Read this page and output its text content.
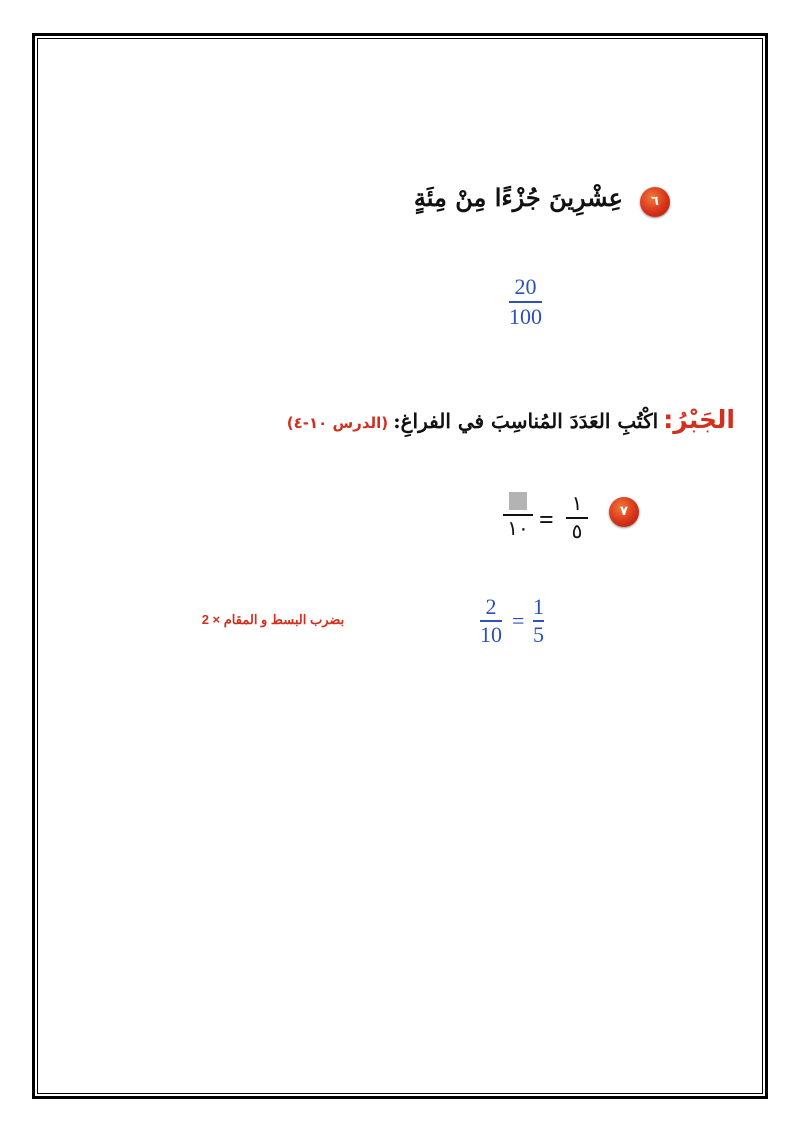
٦
عِشْرِينَ جُزْءًا مِنْ مِئَةٍ
20
100
الجَبْرُ: اكْتُبِ العَدَدَ المُناسِبَ في الفراغِ: (الدرس ١٠-٤)
٧
١٠ =
١
٥
2
10
=
1
5
بضرب البسط و المقام × 2
